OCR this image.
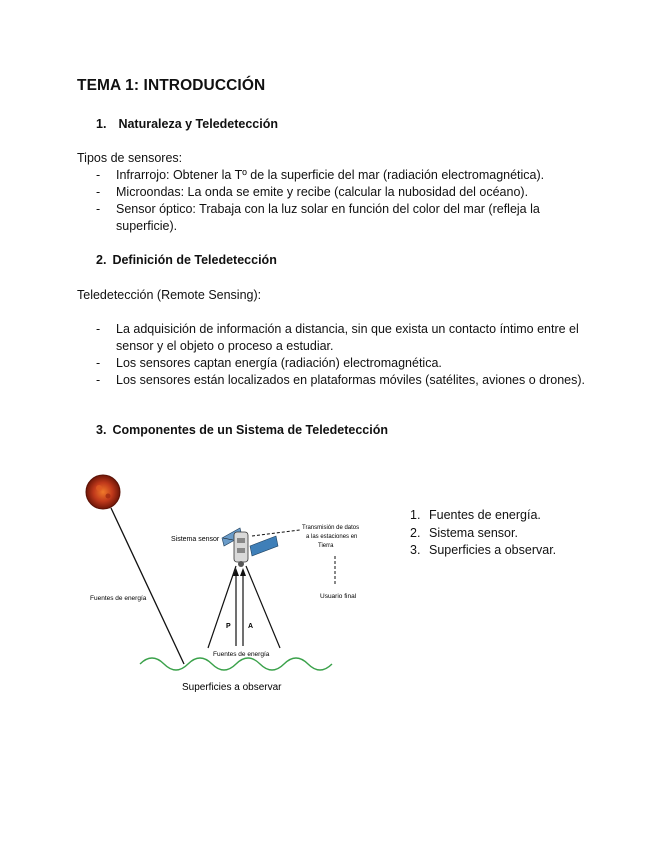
TEMA 1: INTRODUCCIÓN
1. Naturaleza y Teledetección
Tipos de sensores:
- Infrarrojo: Obtener la Tº de la superficie del mar (radiación electromagnética).
- Microondas: La onda se emite y recibe (calcular la nubosidad del océano).
- Sensor óptico: Trabaja con la luz solar en función del color del mar (refleja la superficie).
2. Definición de Teledetección
Teledetección (Remote Sensing):
- La adquisición de información a distancia, sin que exista un contacto íntimo entre el sensor y el objeto o proceso a estudiar.
- Los sensores captan energía (radiación) electromagnética.
- Los sensores están localizados en plataformas móviles (satélites, aviones o drones).
3. Componentes de un Sistema de Teledetección
Fuentes de energía
Sistema sensor
Transmisión de datos
a las estaciones en
Tierra
Usuario final
P A
Fuentes de energía
Superficies a observar
1. Fuentes de energía.
2. Sistema sensor.
3. Superficies a observar.
